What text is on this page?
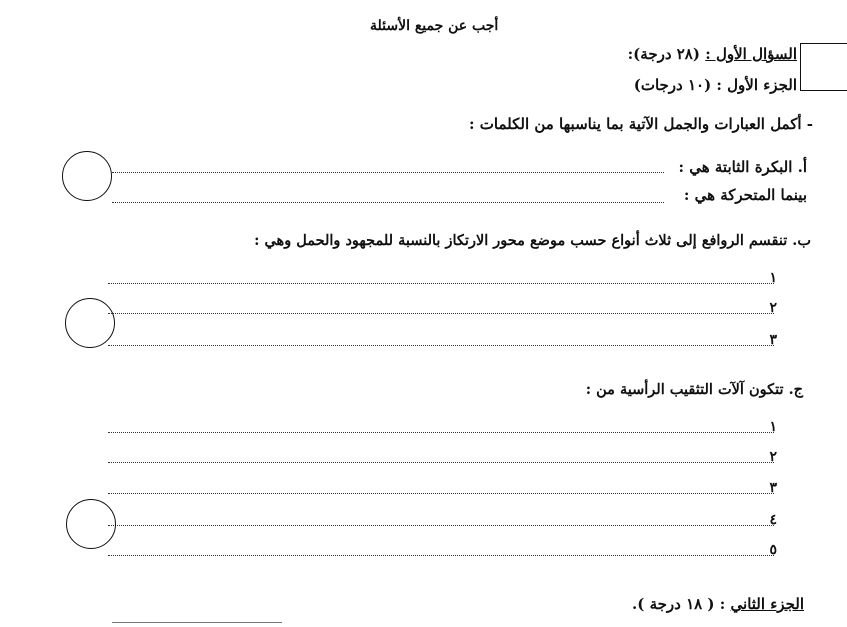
أجب عن جميع الأسئلة
السؤال الأول : (٢٨ درجة):
الجزء الأول : (١٠ درجات)
- أكمل العبارات والجمل الآتية بما يناسبها من الكلمات :
أ. البكرة الثابتة هي :
بينما المتحركة هي :
ب. تنقسم الروافع إلى ثلاث أنواع حسب موضع محور الارتكاز بالنسبة للمجهود والحمل وهي :
١
٢
٣
ج. تتكون آلآت التثقيب الرأسية من :
١
٢
٣
٤
٥
الجزء الثاني : ( ١٨ درجة ).
